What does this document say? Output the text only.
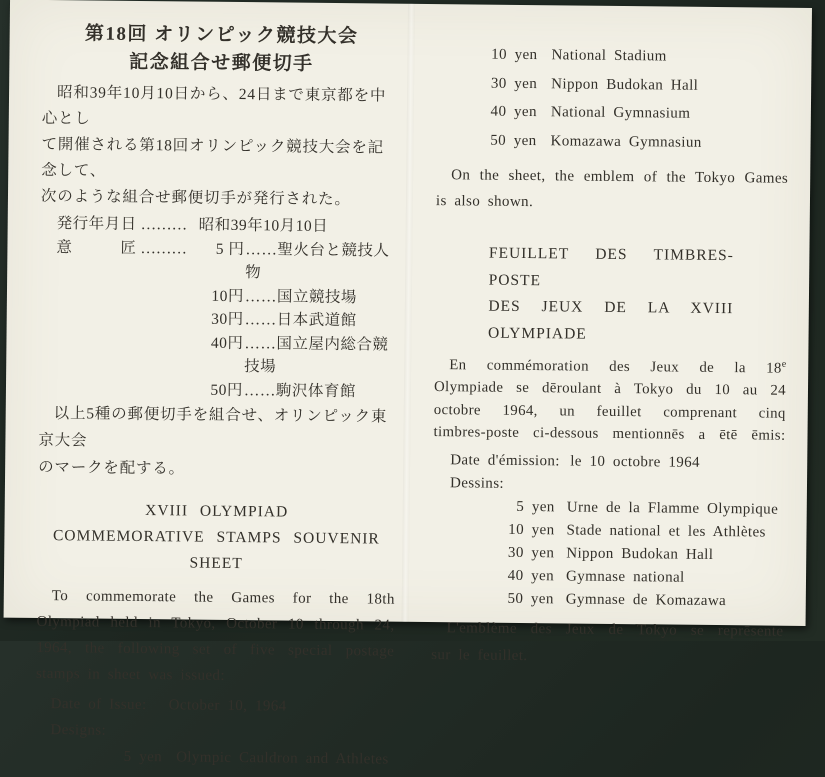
第18回 オリンピック競技大会
記念組合せ郵便切手
昭和39年10月10日から、24日まで東京都を中心とし
て開催される第18回オリンピック競技大会を記念して、
次のような組合せ郵便切手が発行された。
発行年月日 ……… 昭和39年10月10日
意　　　匠 ………	5 円 ……聖火台と競技人物
10円 ……国立競技場
30円 ……日本武道館
40円 ……国立屋内総合競技場
50円 ……駒沢体育館
以上5種の郵便切手を組合せ、オリンピック東京大会
のマークを配する。
XVIII OLYMPIAD
COMMEMORATIVE STAMPS SOUVENIR SHEET
To commemorate the Games for the 18th
Olympiad held in Tokyo, October 10 through 24,
1964, the following set of five special postage
stamps in sheet was issued:
Date of Issue:	October 10, 1964
Designs:
5 yen Olympic Cauldron and Athletes
10 yen National Stadium
30 yen Nippon Budokan Hall
40 yen National Gymnasium
50 yen Komazawa Gymnasiun
On the sheet, the emblem of the Tokyo Games
is also shown.
FEUILLET DES TIMBRES-POSTE
DES JEUX DE LA XVIII OLYMPIADE
En commémoration des Jeux de la 18e
Olympiade se dēroulant à Tokyo du 10 au 24
octobre 1964, un feuillet comprenant cinq
timbres-poste ci-dessous mentionnēs a ētē ēmis:
Date d'émission: le 10 octobre 1964
Dessins:
5 yen Urne de la Flamme Olympique
10 yen Stade national et les Athlètes
30 yen Nippon Budokan Hall
40 yen Gymnase national
50 yen Gymnase de Komazawa
L'emblème des Jeux de Tokyo se reprēsente
sur le feuillet.
